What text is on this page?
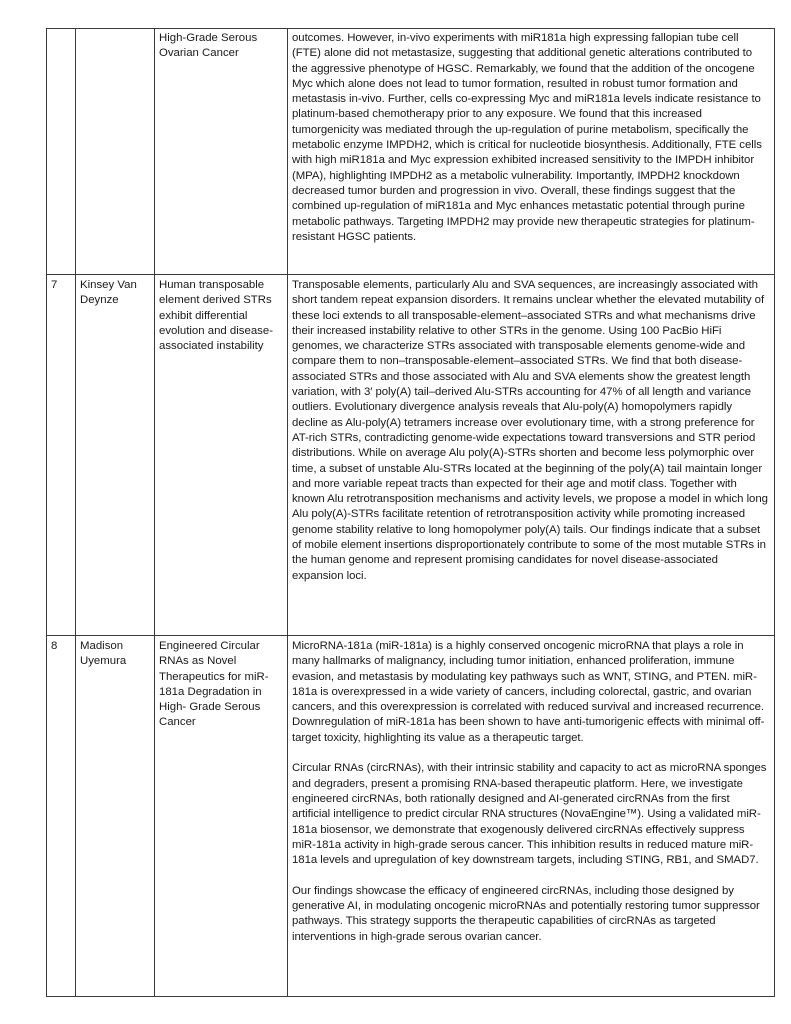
		High-Grade Serous Ovarian Cancer	outcomes. However, in-vivo experiments with miR181a high expressing fallopian tube cell (FTE) alone did not metastasize, suggesting that additional genetic alterations contributed to the aggressive phenotype of HGSC. Remarkably, we found that the addition of the oncogene Myc which alone does not lead to tumor formation, resulted in robust tumor formation and metastasis in-vivo. Further, cells co-expressing Myc and miR181a levels indicate resistance to platinum-based chemotherapy prior to any exposure. We found that this increased tumorgenicity was mediated through the up-regulation of purine metabolism, specifically the metabolic enzyme IMPDH2, which is critical for nucleotide biosynthesis. Additionally, FTE cells with high miR181a and Myc expression exhibited increased sensitivity to the IMPDH inhibitor (MPA), highlighting IMPDH2 as a metabolic vulnerability. Importantly, IMPDH2 knockdown decreased tumor burden and progression in vivo. Overall, these findings suggest that the combined up-regulation of miR181a and Myc enhances metastatic potential through purine metabolic pathways. Targeting IMPDH2 may provide new therapeutic strategies for platinum-resistant HGSC patients.

7	Kinsey Van Deynze	Human transposable element derived STRs exhibit differential evolution and disease-associated instability	Transposable elements, particularly Alu and SVA sequences, are increasingly associated with short tandem repeat expansion disorders. It remains unclear whether the elevated mutability of these loci extends to all transposable-element–associated STRs and what mechanisms drive their increased instability relative to other STRs in the genome. Using 100 PacBio HiFi genomes, we characterize STRs associated with transposable elements genome-wide and compare them to non–transposable-element–associated STRs. We find that both disease-associated STRs and those associated with Alu and SVA elements show the greatest length variation, with 3′ poly(A) tail–derived Alu-STRs accounting for 47% of all length and variance outliers. Evolutionary divergence analysis reveals that Alu-poly(A) homopolymers rapidly decline as Alu-poly(A) tetramers increase over evolutionary time, with a strong preference for AT-rich STRs, contradicting genome-wide expectations toward transversions and STR period distributions. While on average Alu poly(A)-STRs shorten and become less polymorphic over time, a subset of unstable Alu-STRs located at the beginning of the poly(A) tail maintain longer and more variable repeat tracts than expected for their age and motif class. Together with known Alu retrotransposition mechanisms and activity levels, we propose a model in which long Alu poly(A)-STRs facilitate retention of retrotransposition activity while promoting increased genome stability relative to long homopolymer poly(A) tails. Our findings indicate that a subset of mobile element insertions disproportionately contribute to some of the most mutable STRs in the human genome and represent promising candidates for novel disease-associated expansion loci.

8	Madison Uyemura	Engineered Circular RNAs as Novel Therapeutics for miR-181a Degradation in High- Grade Serous Cancer	MicroRNA-181a (miR-181a) is a highly conserved oncogenic microRNA that plays a role in many hallmarks of malignancy, including tumor initiation, enhanced proliferation, immune evasion, and metastasis by modulating key pathways such as WNT, STING, and PTEN. miR-181a is overexpressed in a wide variety of cancers, including colorectal, gastric, and ovarian cancers, and this overexpression is correlated with reduced survival and increased recurrence. Downregulation of miR-181a has been shown to have anti-tumorigenic effects with minimal off-target toxicity, highlighting its value as a therapeutic target.

Circular RNAs (circRNAs), with their intrinsic stability and capacity to act as microRNA sponges and degraders, present a promising RNA-based therapeutic platform. Here, we investigate engineered circRNAs, both rationally designed and AI-generated circRNAs from the first artificial intelligence to predict circular RNA structures (NovaEngine™). Using a validated miR-181a biosensor, we demonstrate that exogenously delivered circRNAs effectively suppress miR-181a activity in high-grade serous cancer. This inhibition results in reduced mature miR-181a levels and upregulation of key downstream targets, including STING, RB1, and SMAD7.

Our findings showcase the efficacy of engineered circRNAs, including those designed by generative AI, in modulating oncogenic microRNAs and potentially restoring tumor suppressor pathways. This strategy supports the therapeutic capabilities of circRNAs as targeted interventions in high-grade serous ovarian cancer.
